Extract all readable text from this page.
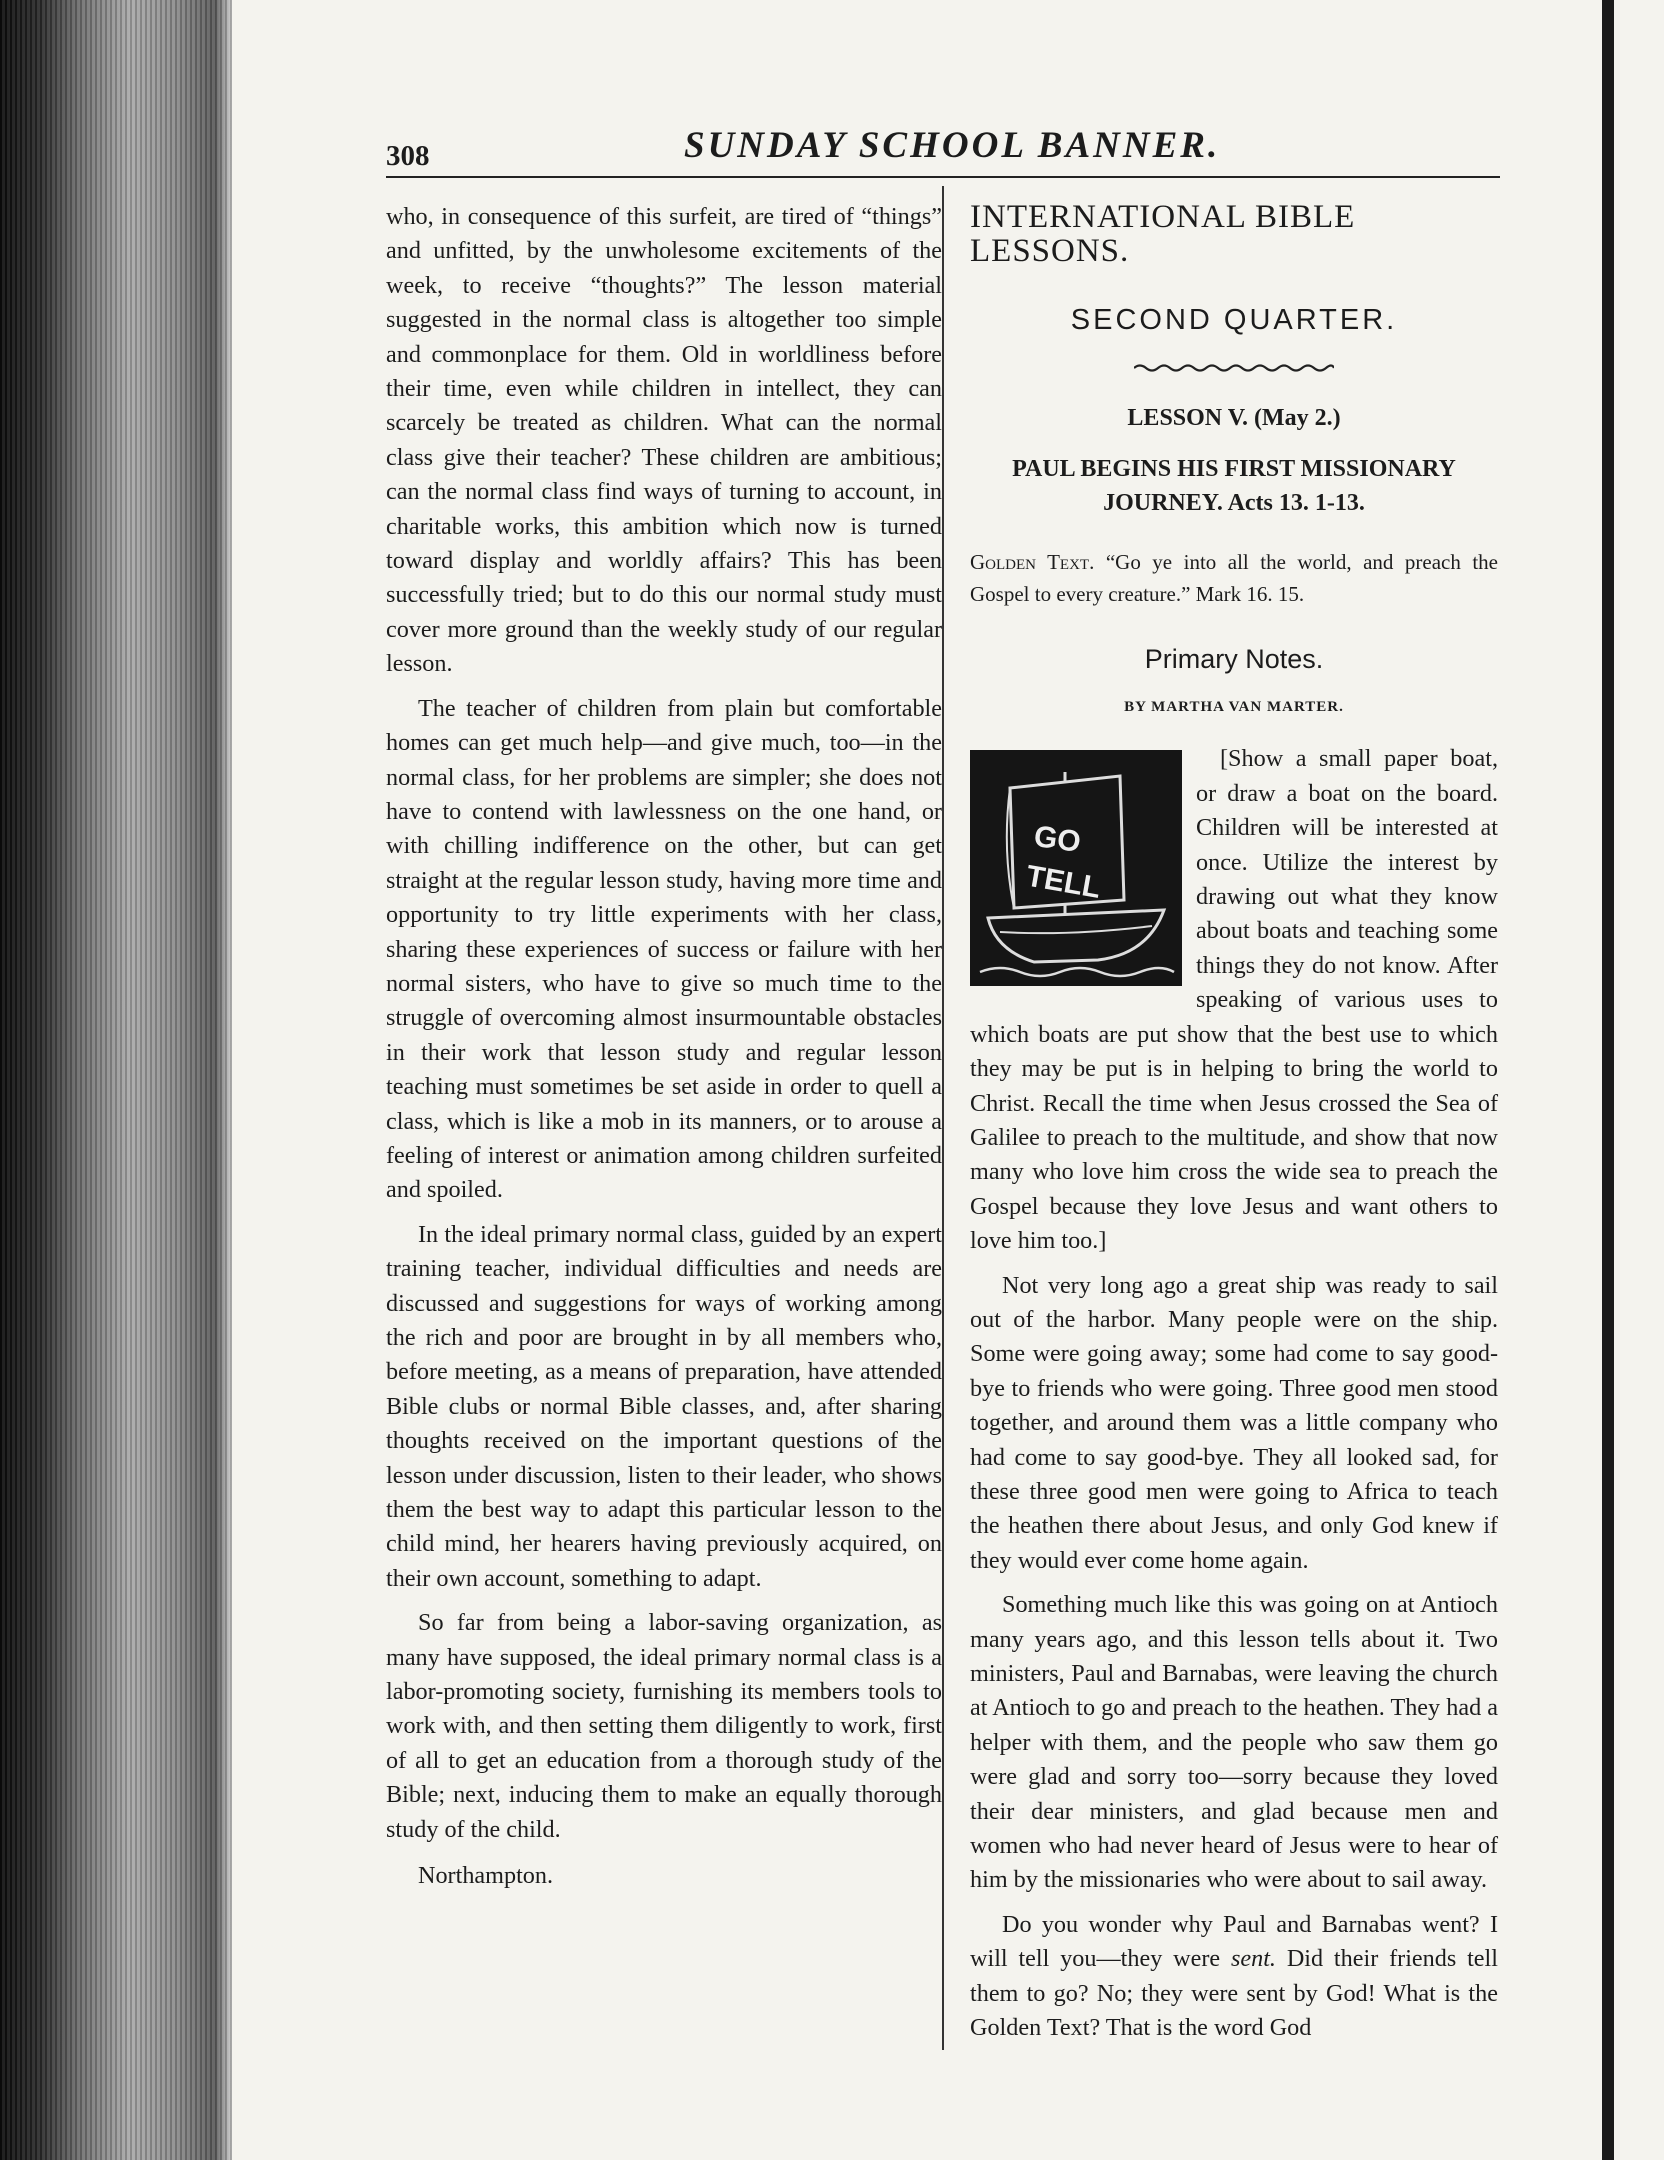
308	SUNDAY SCHOOL BANNER.

who, in consequence of this surfeit, are tired of “things” and unfitted, by the unwholesome excitements of the week, to receive “thoughts?” The lesson material suggested in the normal class is altogether too simple and commonplace for them. Old in worldliness before their time, even while children in intellect, they can scarcely be treated as children. What can the normal class give their teacher? These children are ambitious; can the normal class find ways of turning to account, in charitable works, this ambition which now is turned toward display and worldly affairs? This has been successfully tried; but to do this our normal study must cover more ground than the weekly study of our regular lesson.

The teacher of children from plain but comfortable homes can get much help—and give much, too—in the normal class, for her problems are simpler; she does not have to contend with lawlessness on the one hand, or with chilling indifference on the other, but can get straight at the regular lesson study, having more time and opportunity to try little experiments with her class, sharing these experiences of success or failure with her normal sisters, who have to give so much time to the struggle of overcoming almost insurmountable obstacles in their work that lesson study and regular lesson teaching must sometimes be set aside in order to quell a class, which is like a mob in its manners, or to arouse a feeling of interest or animation among children surfeited and spoiled.

In the ideal primary normal class, guided by an expert training teacher, individual difficulties and needs are discussed and suggestions for ways of working among the rich and poor are brought in by all members who, before meeting, as a means of preparation, have attended Bible clubs or normal Bible classes, and, after sharing thoughts received on the important questions of the lesson under discussion, listen to their leader, who shows them the best way to adapt this particular lesson to the child mind, her hearers having previously acquired, on their own account, something to adapt.

So far from being a labor-saving organization, as many have supposed, the ideal primary normal class is a labor-promoting society, furnishing its members tools to work with, and then setting them diligently to work, first of all to get an education from a thorough study of the Bible; next, inducing them to make an equally thorough study of the child.

Northampton.

INTERNATIONAL BIBLE LESSONS.

SECOND QUARTER.

LESSON V. (May 2.)

PAUL BEGINS HIS FIRST MISSIONARY JOURNEY. Acts 13. 1-13.

Golden Text. “Go ye into all the world, and preach the Gospel to every creature.” Mark 16. 15.

Primary Notes.

BY MARTHA VAN MARTER.

GO
TELL
[Show a small paper boat, or draw a boat on the board. Children will be interested at once. Utilize the interest by drawing out what they know about boats and teaching some things they do not know. After speaking of various uses to which boats are put show that the best use to which they may be put is in helping to bring the world to Christ. Recall the time when Jesus crossed the Sea of Galilee to preach to the multitude, and show that now many who love him cross the wide sea to preach the Gospel because they love Jesus and want others to love him too.]

Not very long ago a great ship was ready to sail out of the harbor. Many people were on the ship. Some were going away; some had come to say good-bye to friends who were going. Three good men stood together, and around them was a little company who had come to say good-bye. They all looked sad, for these three good men were going to Africa to teach the heathen there about Jesus, and only God knew if they would ever come home again.

Something much like this was going on at Antioch many years ago, and this lesson tells about it. Two ministers, Paul and Barnabas, were leaving the church at Antioch to go and preach to the heathen. They had a helper with them, and the people who saw them go were glad and sorry too—sorry because they loved their dear ministers, and glad because men and women who had never heard of Jesus were to hear of him by the missionaries who were about to sail away.

Do you wonder why Paul and Barnabas went? I will tell you—they were sent. Did their friends tell them to go? No; they were sent by God! What is the Golden Text? That is the word God
